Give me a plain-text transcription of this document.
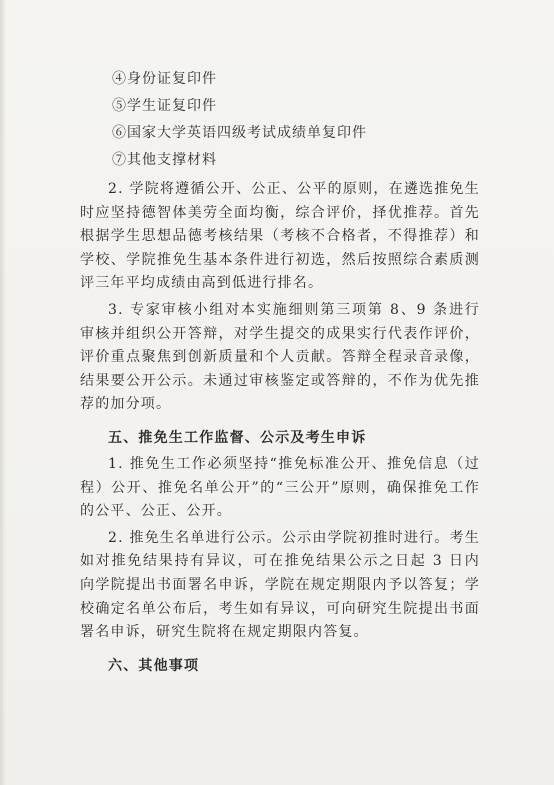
④身份证复印件
⑤学生证复印件
⑥国家大学英语四级考试成绩单复印件
⑦其他支撑材料

2. 学院将遵循公开、公正、公平的原则，在遴选推免生时应坚持德智体美劳全面均衡，综合评价，择优推荐。首先根据学生思想品德考核结果（考核不合格者，不得推荐）和学校、学院推免生基本条件进行初选，然后按照综合素质测评三年平均成绩由高到低进行排名。

3. 专家审核小组对本实施细则第三项第 8、9 条进行审核并组织公开答辩，对学生提交的成果实行代表作评价，评价重点聚焦到创新质量和个人贡献。答辩全程录音录像，结果要公开公示。未通过审核鉴定或答辩的，不作为优先推荐的加分项。

五、推免生工作监督、公示及考生申诉

1. 推免生工作必须坚持“推免标准公开、推免信息（过程）公开、推免名单公开”的“三公开”原则，确保推免工作的公平、公正、公开。

2. 推免生名单进行公示。公示由学院初推时进行。考生如对推免结果持有异议，可在推免结果公示之日起 3 日内向学院提出书面署名申诉，学院在规定期限内予以答复；学校确定名单公布后，考生如有异议，可向研究生院提出书面署名申诉，研究生院将在规定期限内答复。

六、其他事项
